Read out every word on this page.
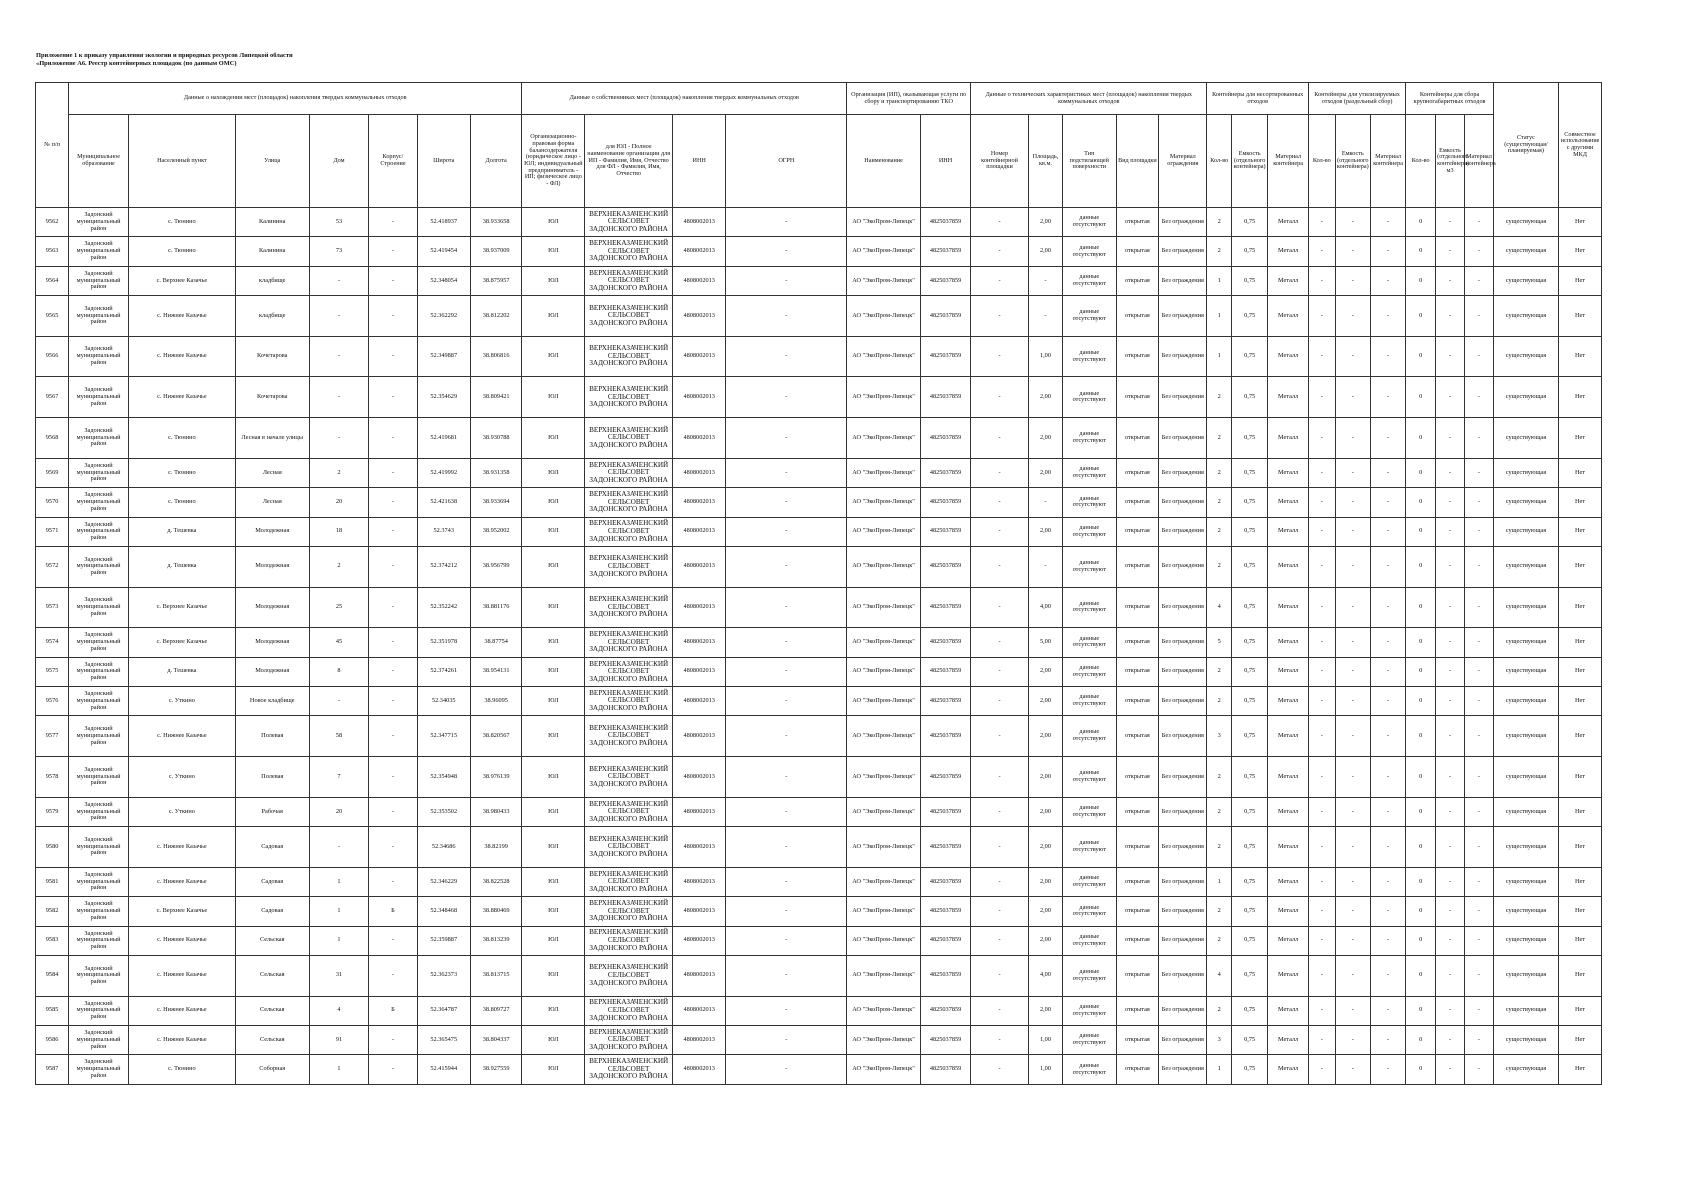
Приложение 1 к приказу управления экологии и природных ресурсов Липецкой области
«Приложение А6. Реестр контейнерных площадок (по данным ОМС)
№ п/п	Данные о нахождении мест (площадок) накопления твердых коммунальных отходов							Данные о собственниках мест (площадок) накопления твердых коммунальных отходов				Организация (ИП), оказывающая услуги по сбору и транспортированию ТКО		Данные о технических характеристиках мест (площадок) накопления твердых коммунальных отходов					Контейнеры для несортированных отходов			Контейнеры для утилизируемых отходов (раздельный сбор)			Контейнеры для сбора крупногабаритных отходов			Статус (существующая/планируемая)	Совместное использование с другими МКД
	Муниципальное образование	Населенный пункт	Улица	Дом	Корпус/Строение	Широта	Долгота	Организационно-правовая форма балансодержателя (юридическое лицо - ЮЛ; индивидуальный предприниматель - ИП; физическое лицо - ФЛ)	для ЮЛ - Полное наименование организации для ИП - Фамилия, Имя, Отчество для ФЛ - Фамилия, Имя, Отчество	ИНН	ОГРН	Наименование	ИНН	Номер контейнерной площадки	Площадь, кв.м.	Тип подстилающей поверхности	Вид площадки	Материал ограждения	Кол-во	Емкость (отдельного контейнера)	Материал контейнера	Кол-во	Емкость (отдельного контейнера)	Материал контейнера	Кол-во	Емкость (отдельного контейнера) м3	Материал контейнера		
9562	Задонский муниципальный район	с. Тюнино	Калинина	53	-	52.418937	38.933658	ЮЛ	ВЕРХНЕКАЗАЧЕНСКИЙ СЕЛЬСОВЕТ ЗАДОНСКОГО РАЙОНА	4808002013	-	АО "ЭкоПром-Липецк"	4825037859	-	2,00	данные отсутствуют	открытая	Без ограждения	2	0,75	Металл	-	-	-	0	-	-	существующая	Нет
9563	Задонский муниципальный район	с. Тюнино	Калинина	73	-	52.419454	38.937009	ЮЛ	ВЕРХНЕКАЗАЧЕНСКИЙ СЕЛЬСОВЕТ ЗАДОНСКОГО РАЙОНА	4808002013	-	АО "ЭкоПром-Липецк"	4825037859	-	2,00	данные отсутствуют	открытая	Без ограждения	2	0,75	Металл	-	-	-	0	-	-	существующая	Нет
9564	Задонский муниципальный район	с. Верхнее Казачье	кладбище	-	-	52.348054	38.875957	ЮЛ	ВЕРХНЕКАЗАЧЕНСКИЙ СЕЛЬСОВЕТ ЗАДОНСКОГО РАЙОНА	4808002013	-	АО "ЭкоПром-Липецк"	4825037859	-	-	данные отсутствуют	открытая	Без ограждения	1	0,75	Металл	-	-	-	0	-	-	существующая	Нет
9565	Задонский муниципальный район	с. Нижнее Казачье	кладбище	-	-	52.362292	38.812202	ЮЛ	ВЕРХНЕКАЗАЧЕНСКИЙ СЕЛЬСОВЕТ ЗАДОНСКОГО РАЙОНА	4808002013	-	АО "ЭкоПром-Липецк"	4825037859	-	-	данные отсутствуют	открытая	Без ограждения	1	0,75	Металл	-	-	-	0	-	-	существующая	Нет
9566	Задонский муниципальный район	с. Нижнее Казачье	Кочетарова	-	-	52.349887	38.806816	ЮЛ	ВЕРХНЕКАЗАЧЕНСКИЙ СЕЛЬСОВЕТ ЗАДОНСКОГО РАЙОНА	4808002013	-	АО "ЭкоПром-Липецк"	4825037859	-	1,00	данные отсутствуют	открытая	Без ограждения	1	0,75	Металл	-	-	-	0	-	-	существующая	Нет
9567	Задонский муниципальный район	с. Нижнее Казачье	Кочетарова	-	-	52.354629	38.809421	ЮЛ	ВЕРХНЕКАЗАЧЕНСКИЙ СЕЛЬСОВЕТ ЗАДОНСКОГО РАЙОНА	4808002013	-	АО "ЭкоПром-Липецк"	4825037859	-	2,00	данные отсутствуют	открытая	Без ограждения	2	0,75	Металл	-	-	-	0	-	-	существующая	Нет
9568	Задонский муниципальный район	с. Тюнино	Лесная в начале улицы	-	-	52.419681	38.930788	ЮЛ	ВЕРХНЕКАЗАЧЕНСКИЙ СЕЛЬСОВЕТ ЗАДОНСКОГО РАЙОНА	4808002013	-	АО "ЭкоПром-Липецк"	4825037859	-	2,00	данные отсутствуют	открытая	Без ограждения	2	0,75	Металл	-	-	-	0	-	-	существующая	Нет
9569	Задонский муниципальный район	с. Тюнино	Лесная	2	-	52.419992	38.931358	ЮЛ	ВЕРХНЕКАЗАЧЕНСКИЙ СЕЛЬСОВЕТ ЗАДОНСКОГО РАЙОНА	4808002013	-	АО "ЭкоПром-Липецк"	4825037859	-	2,00	данные отсутствуют	открытая	Без ограждения	2	0,75	Металл	-	-	-	0	-	-	существующая	Нет
9570	Задонский муниципальный район	с. Тюнино	Лесная	20	-	52.421638	38.933694	ЮЛ	ВЕРХНЕКАЗАЧЕНСКИЙ СЕЛЬСОВЕТ ЗАДОНСКОГО РАЙОНА	4808002013	-	АО "ЭкоПром-Липецк"	4825037859	-	-	данные отсутствуют	открытая	Без ограждения	2	0,75	Металл	-	-	-	0	-	-	существующая	Нет
9571	Задонский муниципальный район	д. Тешевка	Молодежная	18	-	52.3743	38.952002	ЮЛ	ВЕРХНЕКАЗАЧЕНСКИЙ СЕЛЬСОВЕТ ЗАДОНСКОГО РАЙОНА	4808002013	-	АО "ЭкоПром-Липецк"	4825037859	-	2,00	данные отсутствуют	открытая	Без ограждения	2	0,75	Металл	-	-	-	0	-	-	существующая	Нет
9572	Задонский муниципальный район	д. Тешевка	Молодежная	2	-	52.374212	38.956799	ЮЛ	ВЕРХНЕКАЗАЧЕНСКИЙ СЕЛЬСОВЕТ ЗАДОНСКОГО РАЙОНА	4808002013	-	АО "ЭкоПром-Липецк"	4825037859	-	-	данные отсутствуют	открытая	Без ограждения	2	0,75	Металл	-	-	-	0	-	-	существующая	Нет
9573	Задонский муниципальный район	с. Верхнее Казачье	Молодежная	25	-	52.352242	38.881176	ЮЛ	ВЕРХНЕКАЗАЧЕНСКИЙ СЕЛЬСОВЕТ ЗАДОНСКОГО РАЙОНА	4808002013	-	АО "ЭкоПром-Липецк"	4825037859	-	4,00	данные отсутствуют	открытая	Без ограждения	4	0,75	Металл	-	-	-	0	-	-	существующая	Нет
9574	Задонский муниципальный район	с. Верхнее Казачье	Молодежная	45	-	52.351978	38.87754	ЮЛ	ВЕРХНЕКАЗАЧЕНСКИЙ СЕЛЬСОВЕТ ЗАДОНСКОГО РАЙОНА	4808002013	-	АО "ЭкоПром-Липецк"	4825037859	-	5,00	данные отсутствуют	открытая	Без ограждения	5	0,75	Металл	-	-	-	0	-	-	существующая	Нет
9575	Задонский муниципальный район	д. Тешевка	Молодежная	8	-	52.374261	38.954131	ЮЛ	ВЕРХНЕКАЗАЧЕНСКИЙ СЕЛЬСОВЕТ ЗАДОНСКОГО РАЙОНА	4808002013	-	АО "ЭкоПром-Липецк"	4825037859	-	2,00	данные отсутствуют	открытая	Без ограждения	2	0,75	Металл	-	-	-	0	-	-	существующая	Нет
9576	Задонский муниципальный район	с. Уткино	Новое кладбище	-	-	52.34035	38.96095	ЮЛ	ВЕРХНЕКАЗАЧЕНСКИЙ СЕЛЬСОВЕТ ЗАДОНСКОГО РАЙОНА	4808002013	-	АО "ЭкоПром-Липецк"	4825037859	-	2,00	данные отсутствуют	открытая	Без ограждения	2	0,75	Металл	-	-	-	0	-	-	существующая	Нет
9577	Задонский муниципальный район	с. Нижнее Казачье	Полевая	58	-	52.347715	38.820567	ЮЛ	ВЕРХНЕКАЗАЧЕНСКИЙ СЕЛЬСОВЕТ ЗАДОНСКОГО РАЙОНА	4808002013	-	АО "ЭкоПром-Липецк"	4825037859	-	2,00	данные отсутствуют	открытая	Без ограждения	3	0,75	Металл	-	-	-	0	-	-	существующая	Нет
9578	Задонский муниципальный район	с. Уткино	Полевая	7	-	52.354948	38.976139	ЮЛ	ВЕРХНЕКАЗАЧЕНСКИЙ СЕЛЬСОВЕТ ЗАДОНСКОГО РАЙОНА	4808002013	-	АО "ЭкоПром-Липецк"	4825037859	-	2,00	данные отсутствуют	открытая	Без ограждения	2	0,75	Металл	-	-	-	0	-	-	существующая	Нет
9579	Задонский муниципальный район	с. Уткино	Рабочая	20	-	52.353502	38.980433	ЮЛ	ВЕРХНЕКАЗАЧЕНСКИЙ СЕЛЬСОВЕТ ЗАДОНСКОГО РАЙОНА	4808002013	-	АО "ЭкоПром-Липецк"	4825037859	-	2,00	данные отсутствуют	открытая	Без ограждения	2	0,75	Металл	-	-	-	0	-	-	существующая	Нет
9580	Задонский муниципальный район	с. Нижнее Казачье	Садовая	-	-	52.34686	38.82199	ЮЛ	ВЕРХНЕКАЗАЧЕНСКИЙ СЕЛЬСОВЕТ ЗАДОНСКОГО РАЙОНА	4808002013	-	АО "ЭкоПром-Липецк"	4825037859	-	2,00	данные отсутствуют	открытая	Без ограждения	2	0,75	Металл	-	-	-	0	-	-	существующая	Нет
9581	Задонский муниципальный район	с. Нижнее Казачье	Садовая	1	-	52.346229	38.822528	ЮЛ	ВЕРХНЕКАЗАЧЕНСКИЙ СЕЛЬСОВЕТ ЗАДОНСКОГО РАЙОНА	4808002013	-	АО "ЭкоПром-Липецк"	4825037859	-	2,00	данные отсутствуют	открытая	Без ограждения	1	0,75	Металл	-	-	-	0	-	-	существующая	Нет
9582	Задонский муниципальный район	с. Верхнее Казачье	Садовая	1	Б	52.348468	38.880469	ЮЛ	ВЕРХНЕКАЗАЧЕНСКИЙ СЕЛЬСОВЕТ ЗАДОНСКОГО РАЙОНА	4808002013	-	АО "ЭкоПром-Липецк"	4825037859	-	2,00	данные отсутствуют	открытая	Без ограждения	2	0,75	Металл	-	-	-	0	-	-	существующая	Нет
9583	Задонский муниципальный район	с. Нижнее Казачье	Сельская	1	-	52.359887	38.813239	ЮЛ	ВЕРХНЕКАЗАЧЕНСКИЙ СЕЛЬСОВЕТ ЗАДОНСКОГО РАЙОНА	4808002013	-	АО "ЭкоПром-Липецк"	4825037859	-	2,00	данные отсутствуют	открытая	Без ограждения	2	0,75	Металл	-	-	-	0	-	-	существующая	Нет
9584	Задонский муниципальный район	с. Нижнее Казачье	Сельская	31	-	52.362373	38.813715	ЮЛ	ВЕРХНЕКАЗАЧЕНСКИЙ СЕЛЬСОВЕТ ЗАДОНСКОГО РАЙОНА	4808002013	-	АО "ЭкоПром-Липецк"	4825037859	-	4,00	данные отсутствуют	открытая	Без ограждения	4	0,75	Металл	-	-	-	0	-	-	существующая	Нет
9585	Задонский муниципальный район	с. Нижнее Казачье	Сельская	4	Б	52.364787	38.809727	ЮЛ	ВЕРХНЕКАЗАЧЕНСКИЙ СЕЛЬСОВЕТ ЗАДОНСКОГО РАЙОНА	4808002013	-	АО "ЭкоПром-Липецк"	4825037859	-	2,00	данные отсутствуют	открытая	Без ограждения	2	0,75	Металл	-	-	-	0	-	-	существующая	Нет
9586	Задонский муниципальный район	с. Нижнее Казачье	Сельская	91	-	52.365475	38.804337	ЮЛ	ВЕРХНЕКАЗАЧЕНСКИЙ СЕЛЬСОВЕТ ЗАДОНСКОГО РАЙОНА	4808002013	-	АО "ЭкоПром-Липецк"	4825037859	-	1,00	данные отсутствуют	открытая	Без ограждения	3	0,75	Металл	-	-	-	0	-	-	существующая	Нет
9587	Задонский муниципальный район	с. Тюнино	Соборная	1	-	52.415944	38.927559	ЮЛ	ВЕРХНЕКАЗАЧЕНСКИЙ СЕЛЬСОВЕТ ЗАДОНСКОГО РАЙОНА	4808002013	-	АО "ЭкоПром-Липецк"	4825037859	-	1,00	данные отсутствуют	открытая	Без ограждения	1	0,75	Металл	-	-	-	0	-	-	существующая	Нет
